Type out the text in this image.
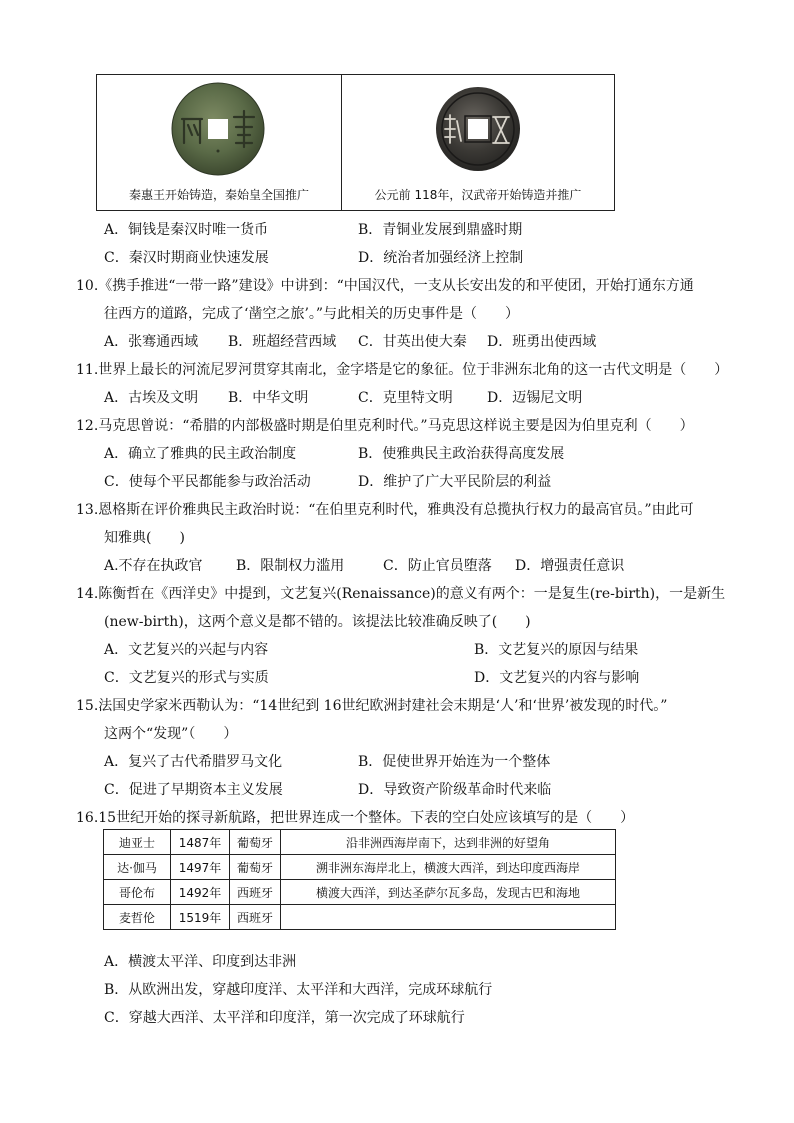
秦惠王开始铸造，秦始皇全国推广	公元前 118年，汉武帝开始铸造并推广
A．铜钱是秦汉时唯一货币	B．青铜业发展到鼎盛时期
C．秦汉时期商业快速发展	D．统治者加强经济上控制
10.《携手推进“一带一路”建设》中讲到：“中国汉代，一支从长安出发的和平使团，开始打通东方通
往西方的道路，完成了‘凿空之旅’。”与此相关的历史事件是（　　）
A．张骞通西域 B．班超经营西域 C．甘英出使大秦 D．班勇出使西域
11.世界上最长的河流尼罗河贯穿其南北，金字塔是它的象征。位于非洲东北角的这一古代文明是（　　）
A．古埃及文明 B．中华文明	C．克里特文明 D．迈锡尼文明
12.马克思曾说：“希腊的内部极盛时期是伯里克利时代。”马克思这样说主要是因为伯里克利（　　）
A．确立了雅典的民主政治制度	B．使雅典民主政治获得高度发展
C．使每个平民都能参与政治活动	D．维护了广大平民阶层的利益
13.恩格斯在评价雅典民主政治时说：“在伯里克利时代，雅典没有总揽执行权力的最高官员。”由此可
知雅典(　　)
A.不存在执政官 B．限制权力滥用	C．防止官员堕落 D．增强责任意识
14.陈衡哲在《西洋史》中提到，文艺复兴(Renaissance)的意义有两个：一是复生(re-birth)，一是新生
(new-birth)，这两个意义是都不错的。该提法比较准确反映了(　　)
A．文艺复兴的兴起与内容	B．文艺复兴的原因与结果
C．文艺复兴的形式与实质	D．文艺复兴的内容与影响
15.法国史学家米西勒认为：“14世纪到 16世纪欧洲封建社会末期是‘人’和‘世界’被发现的时代。”
这两个“发现”（　　）
A．复兴了古代希腊罗马文化	B．促使世界开始连为一个整体
C．促进了早期资本主义发展	D．导致资产阶级革命时代来临
16.15世纪开始的探寻新航路，把世界连成一个整体。下表的空白处应该填写的是（　　）
迪亚士	1487年	葡萄牙	沿非洲西海岸南下，达到非洲的好望角
达·伽马	1497年	葡萄牙	溯非洲东海岸北上，横渡大西洋，到达印度西海岸
哥伦布	1492年	西班牙	横渡大西洋，到达圣萨尔瓦多岛，发现古巴和海地
麦哲伦	1519年	西班牙	
A．横渡太平洋、印度到达非洲
B．从欧洲出发，穿越印度洋、太平洋和大西洋，完成环球航行
C．穿越大西洋、太平洋和印度洋，第一次完成了环球航行
